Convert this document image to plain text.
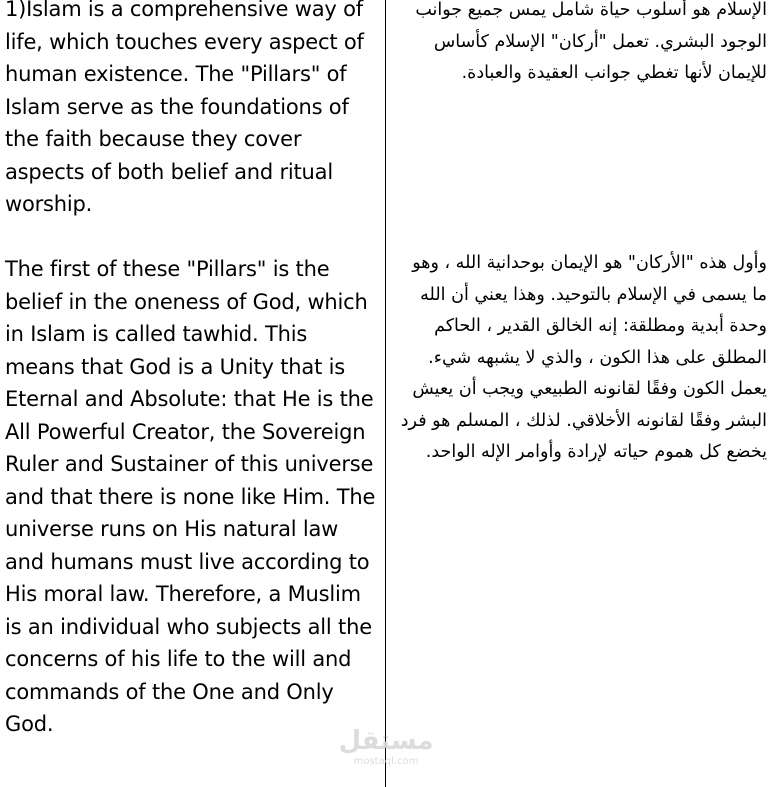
1)Islam is a comprehensive way of life, which touches every aspect of human existence. The "Pillars" of Islam serve as the foundations of the faith because they cover aspects of both belief and ritual worship.

The first of these "Pillars" is the belief in the oneness of God, which in Islam is called tawhid. This means that God is a Unity that is Eternal and Absolute: that He is the All Powerful Creator, the Sovereign Ruler and Sustainer of this universe and that there is none like Him. The universe runs on His natural law and humans must live according to His moral law. Therefore, a Muslim is an individual who subjects all the concerns of his life to the will and commands of the One and Only God.

الإسلام هو أسلوب حياة شامل يمس جميع جوانب الوجود البشري. تعمل "أركان" الإسلام كأساس للإيمان لأنها تغطي جوانب العقيدة والعبادة.

وأول هذه "الأركان" هو الإيمان بوحدانية الله ، وهو ما يسمى في الإسلام بالتوحيد. وهذا يعني أن الله وحدة أبدية ومطلقة: إنه الخالق القدير ، الحاكم المطلق على هذا الكون ، والذي لا يشبهه شيء. يعمل الكون وفقًا لقانونه الطبيعي ويجب أن يعيش البشر وفقًا لقانونه الأخلاقي. لذلك ، المسلم هو فرد يخضع كل هموم حياته لإرادة وأوامر الإله الواحد.

مستقل
mostaql.com
